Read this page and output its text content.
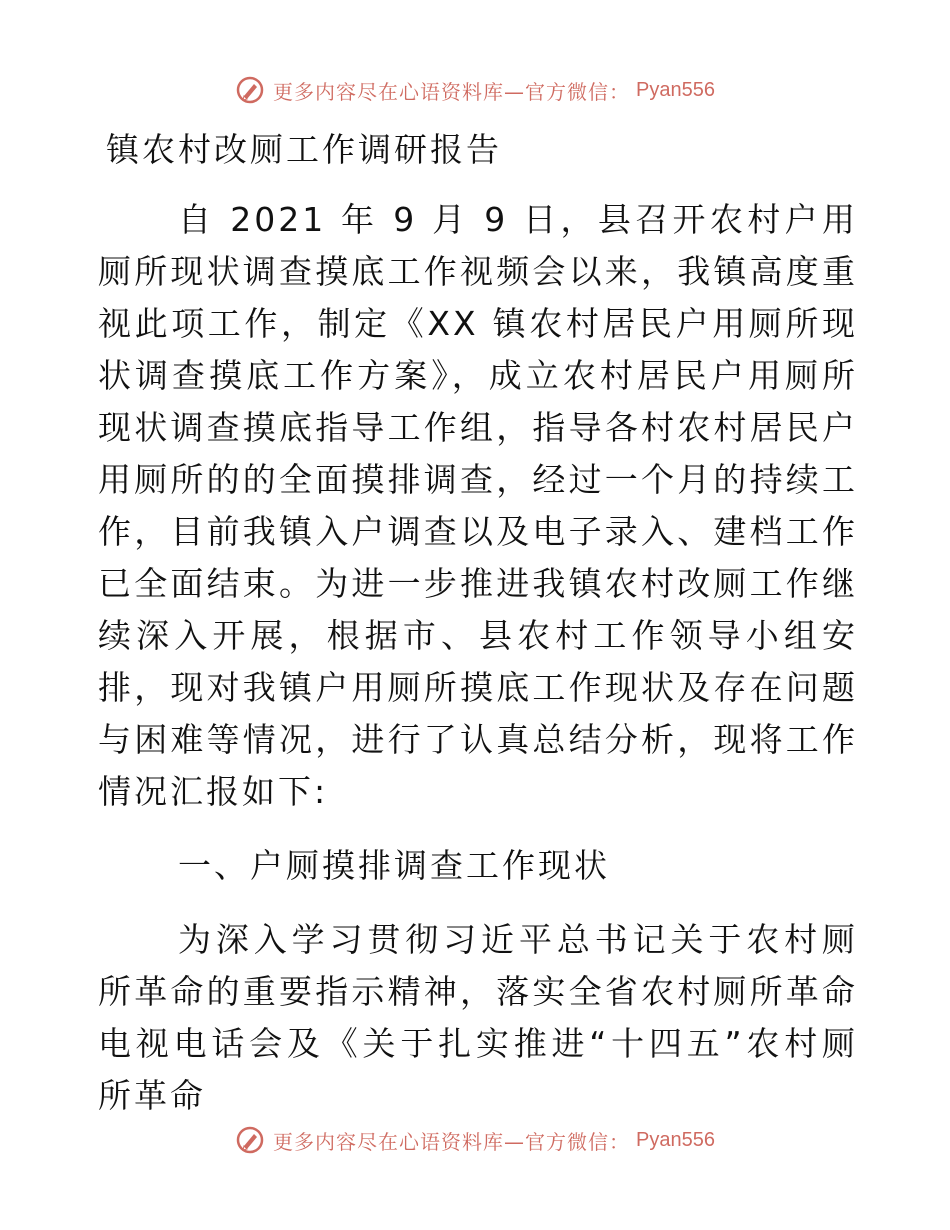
更多内容尽在心语资料库—官方微信： Pyan556
镇农村改厕工作调研报告

自 2021 年 9 月 9 日，县召开农村户用厕所现状调查摸底工作视频会以来，我镇高度重视此项工作，制定《XX 镇农村居民户用厕所现状调查摸底工作方案》，成立农村居民户用厕所现状调查摸底指导工作组，指导各村农村居民户用厕所的的全面摸排调查，经过一个月的持续工作，目前我镇入户调查以及电子录入、建档工作已全面结束。为进一步推进我镇农村改厕工作继续深入开展，根据市、县农村工作领导小组安排，现对我镇户用厕所摸底工作现状及存在问题与困难等情况，进行了认真总结分析，现将工作情况汇报如下:

一、户厕摸排调查工作现状

为深入学习贯彻习近平总书记关于农村厕所革命的重要指示精神，落实全省农村厕所革命电视电话会及《关于扎实推进“十四五”农村厕所革命

更多内容尽在心语资料库—官方微信： Pyan556
